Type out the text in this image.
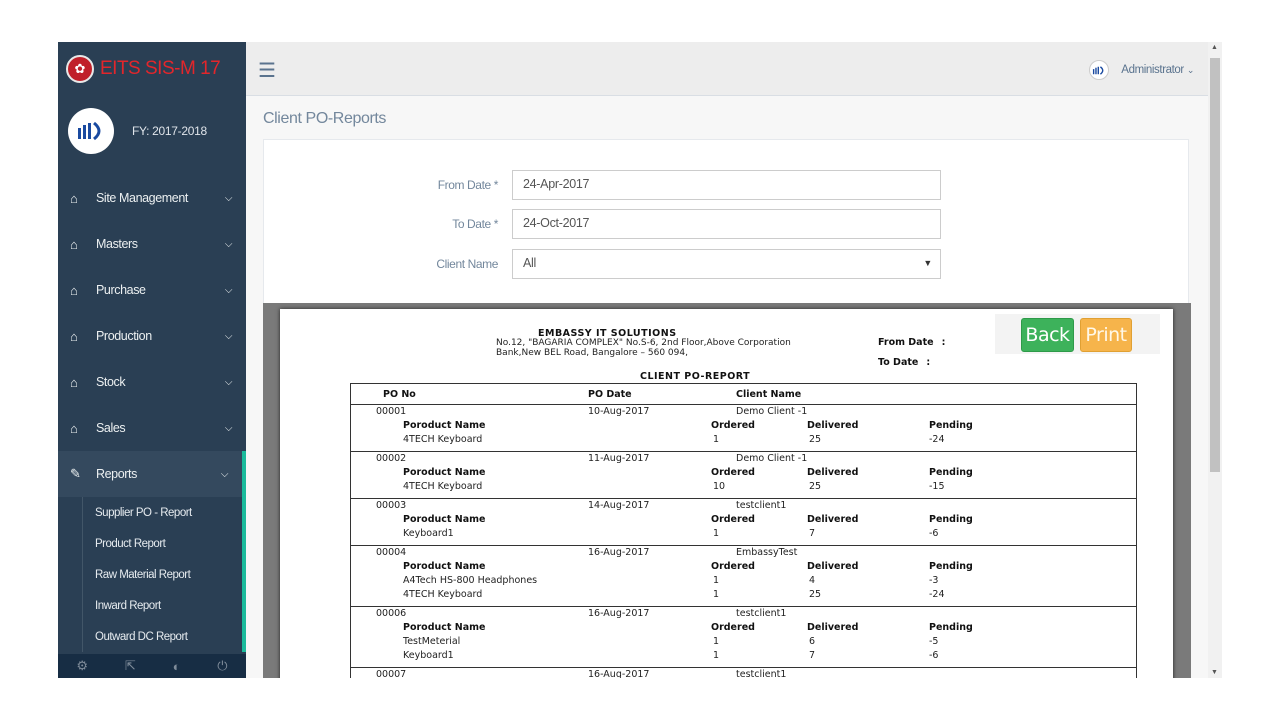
✿ EITS SIS-M 17
FY: 2017-2018
⌂	Site Management	⌵
⌂	Masters	⌵
⌂	Purchase	⌵
⌂	Production	⌵
⌂	Stock	⌵
⌂	Sales	⌵
✎	Reports	⌵
Supplier PO - Report
Product Report
Raw Material Report
Inward Report
Outward DC Report
⚙	⇱	◐	⏻
☰	Administrator ⌄
Client PO-Reports
From Date *	24-Apr-2017
To Date *	24-Oct-2017
Client Name	All	▼
EMBASSY IT SOLUTIONS
No.12, "BAGARIA COMPLEX" No.S-6, 2nd Floor,Above Corporation Bank,New BEL Road, Bangalore – 560 094,
CLIENT PO-REPORT
From Date :
To Date :
Back Print
PO No	PO Date	Client Name
00001	10-Aug-2017	Demo Client -1
Poroduct Name	Ordered	Delivered	Pending
4TECH Keyboard	1	25	-24
00002	11-Aug-2017	Demo Client -1
Poroduct Name	Ordered	Delivered	Pending
4TECH Keyboard	10	25	-15
00003	14-Aug-2017	testclient1
Poroduct Name	Ordered	Delivered	Pending
Keyboard1	1	7	-6
00004	16-Aug-2017	EmbassyTest
Poroduct Name	Ordered	Delivered	Pending
A4Tech HS-800 Headphones	1	4	-3
4TECH Keyboard	1	25	-24
00006	16-Aug-2017	testclient1
Poroduct Name	Ordered	Delivered	Pending
TestMeterial	1	6	-5
Keyboard1	1	7	-6
00007	16-Aug-2017	testclient1
▲
▼
